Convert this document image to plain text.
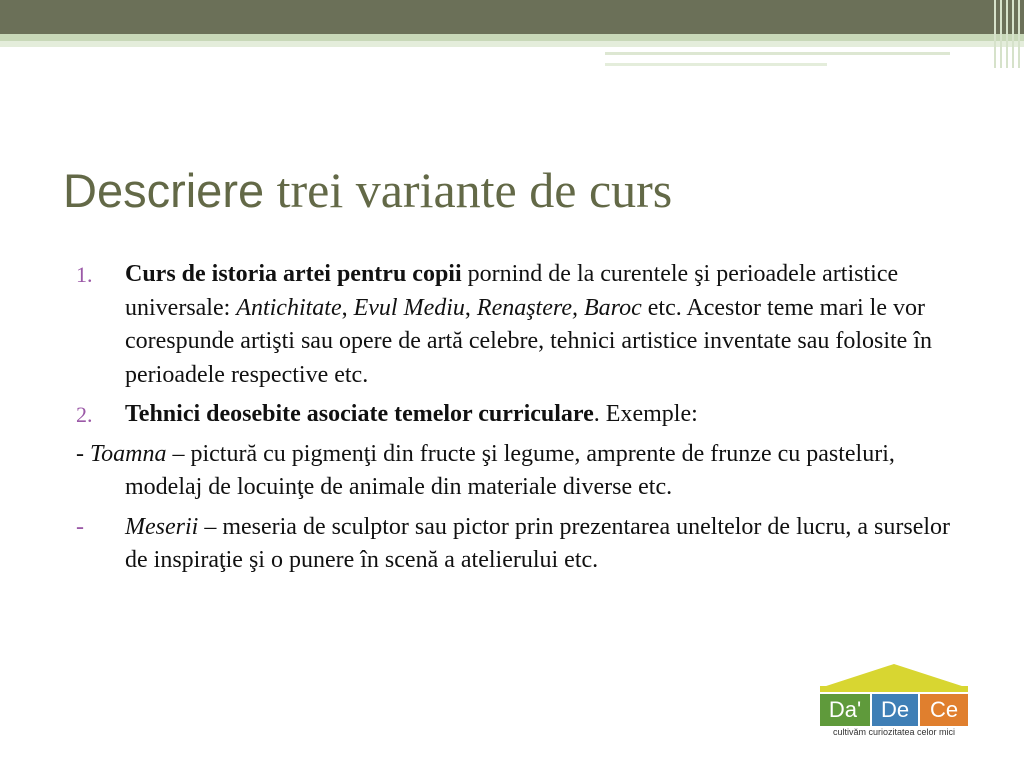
Descriere trei variante de curs
1. Curs de istoria artei pentru copii pornind de la curentele şi perioadele artistice universale: Antichitate, Evul Mediu, Renaştere, Baroc etc. Acestor teme mari le vor corespunde artişti sau opere de artă celebre, tehnici artistice inventate sau folosite în perioadele respective etc.
2. Tehnici deosebite asociate temelor curriculare. Exemple:
- Toamna – pictură cu pigmenţi din fructe şi legume, amprente de frunze cu pasteluri, modelaj de locuinţe de animale din materiale diverse etc.
- Meserii – meseria de sculptor sau pictor prin prezentarea uneltelor de lucru, a surselor de inspiraţie şi o punere în scenă a atelierului etc.
Da' De Ce
cultivăm curiozitatea celor mici
